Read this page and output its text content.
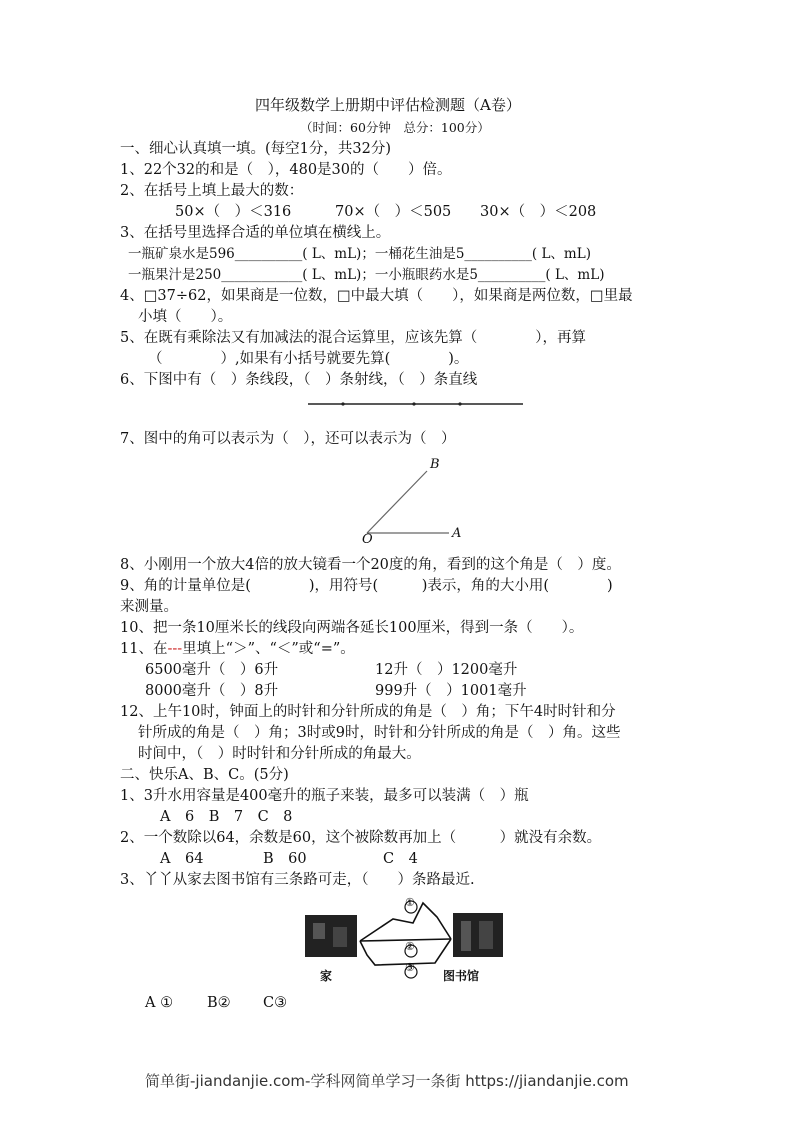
四年级数学上册期中评估检测题（A卷）
（时间：60分钟　总分：100分）
一、细心认真填一填。(每空1分，共32分)
1、22个32的和是（　），480是30的（　　）倍。
2、在括号上填上最大的数：
50×（　）＜316	70×（　）＜505 30×（　）＜208
3、在括号里选择合适的单位填在横线上。
一瓶矿泉水是596__________( L、mL)；一桶花生油是5__________( L、mL)
一瓶果汁是250____________( L、mL)；一小瓶眼药水是5__________( L、mL)
4、□37÷62，如果商是一位数，□中最大填（　　），如果商是两位数，□里最
小填（　　）。
5、在既有乘除法又有加减法的混合运算里，应该先算（　　　　），再算
（　　　　）,如果有小括号就要先算(　　　　)。
6、下图中有（　）条线段，（　）条射线，（　）条直线
7、图中的角可以表示为（　），还可以表示为（　）
B
O	A
8、小刚用一个放大4倍的放大镜看一个20度的角，看到的这个角是（　）度。
9、角的计量单位是(　　　　)，用符号(　　　)表示，角的大小用(　　　　)
来测量。
10、把一条10厘米长的线段向两端各延长100厘米，得到一条（　　）。
11、在---里填上“＞”、“＜”或“=”。
6500毫升（　）6升	12升（　）1200毫升
8000毫升（　）8升	999升（　）1001毫升
12、上午10时，钟面上的时针和分针所成的角是（　）角；下午4时时针和分
针所成的角是（　）角；3时或9时，时针和分针所成的角是（　）角。这些
时间中，（　）时时针和分针所成的角最大。
二、快乐A、B、C。(5分)
1、3升水用容量是400毫升的瓶子来装，最多可以装满（　）瓶
A　6　B　7　C　8
2、一个数除以64，余数是60，这个被除数再加上（　　　）就没有余数。
A　64	B　60	C　4
3、丫丫从家去图书馆有三条路可走，（　　）条路最近.
①
②
③
家	图书馆
A ① B② C③
简单街-jiandanjie.com-学科网简单学习一条街 https://jiandanjie.com
